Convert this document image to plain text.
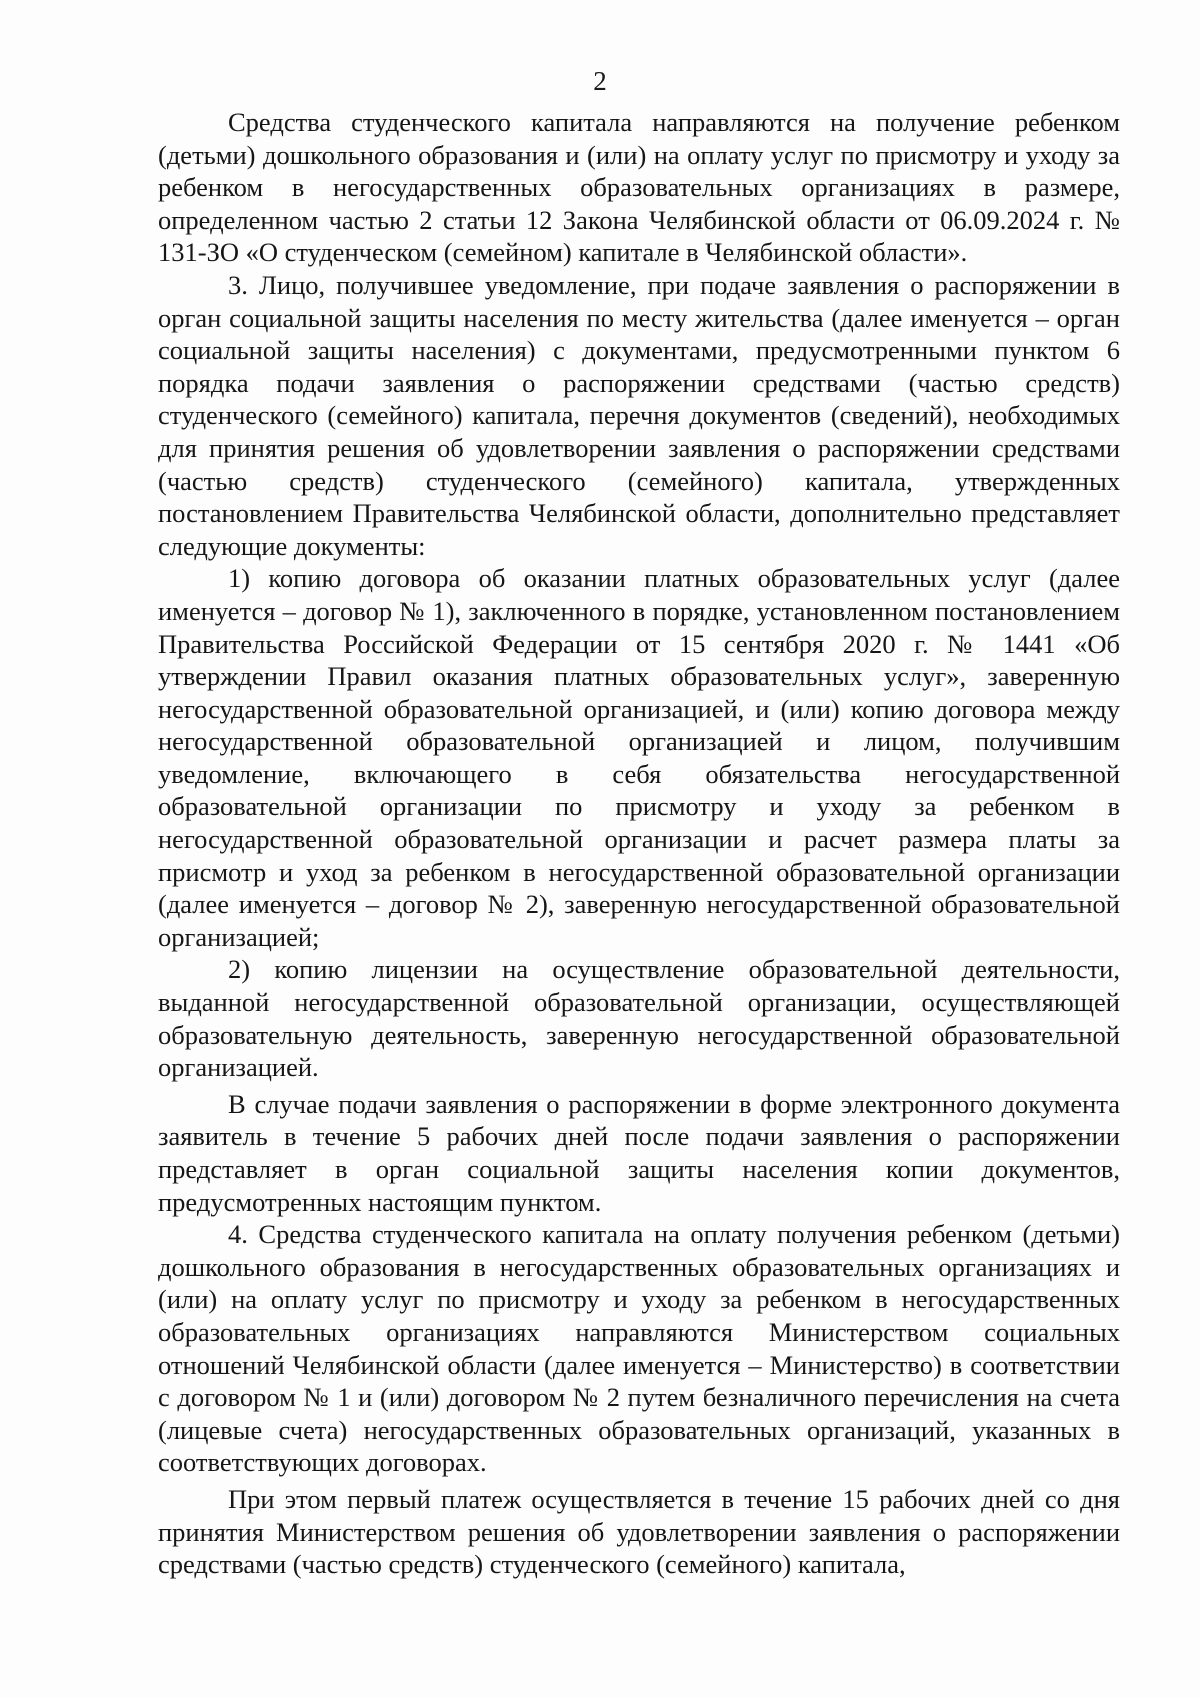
2

Средства студенческого капитала направляются на получение ребенком (детьми) дошкольного образования и (или) на оплату услуг по присмотру и уходу за ребенком в негосударственных образовательных организациях в размере, определенном частью 2 статьи 12 Закона Челябинской области от 06.09.2024 г. № 131-ЗО «О студенческом (семейном) капитале в Челябинской области».

3. Лицо, получившее уведомление, при подаче заявления о распоряжении в орган социальной защиты населения по месту жительства (далее именуется – орган социальной защиты населения) с документами, предусмотренными пунктом 6 порядка подачи заявления о распоряжении средствами (частью средств) студенческого (семейного) капитала, перечня документов (сведений), необходимых для принятия решения об удовлетворении заявления о распоряжении средствами (частью средств) студенческого (семейного) капитала, утвержденных постановлением Правительства Челябинской области, дополнительно представляет следующие документы:

1) копию договора об оказании платных образовательных услуг (далее именуется – договор № 1), заключенного в порядке, установленном постановлением Правительства Российской Федерации от 15 сентября 2020 г. № 1441 «Об утверждении Правил оказания платных образовательных услуг», заверенную негосударственной образовательной организацией, и (или) копию договора между негосударственной образовательной организацией и лицом, получившим уведомление, включающего в себя обязательства негосударственной образовательной организации по присмотру и уходу за ребенком в негосударственной образовательной организации и расчет размера платы за присмотр и уход за ребенком в негосударственной образовательной организации (далее именуется – договор № 2), заверенную негосударственной образовательной организацией;

2) копию лицензии на осуществление образовательной деятельности, выданной негосударственной образовательной организации, осуществляющей образовательную деятельность, заверенную негосударственной образовательной организацией.

В случае подачи заявления о распоряжении в форме электронного документа заявитель в течение 5 рабочих дней после подачи заявления о распоряжении представляет в орган социальной защиты населения копии документов, предусмотренных настоящим пунктом.

4. Средства студенческого капитала на оплату получения ребенком (детьми) дошкольного образования в негосударственных образовательных организациях и (или) на оплату услуг по присмотру и уходу за ребенком в негосударственных образовательных организациях направляются Министерством социальных отношений Челябинской области (далее именуется – Министерство) в соответствии с договором № 1 и (или) договором № 2 путем безналичного перечисления на счета (лицевые счета) негосударственных образовательных организаций, указанных в соответствующих договорах.

При этом первый платеж осуществляется в течение 15 рабочих дней со дня принятия Министерством решения об удовлетворении заявления о распоряжении средствами (частью средств) студенческого (семейного) капитала,
